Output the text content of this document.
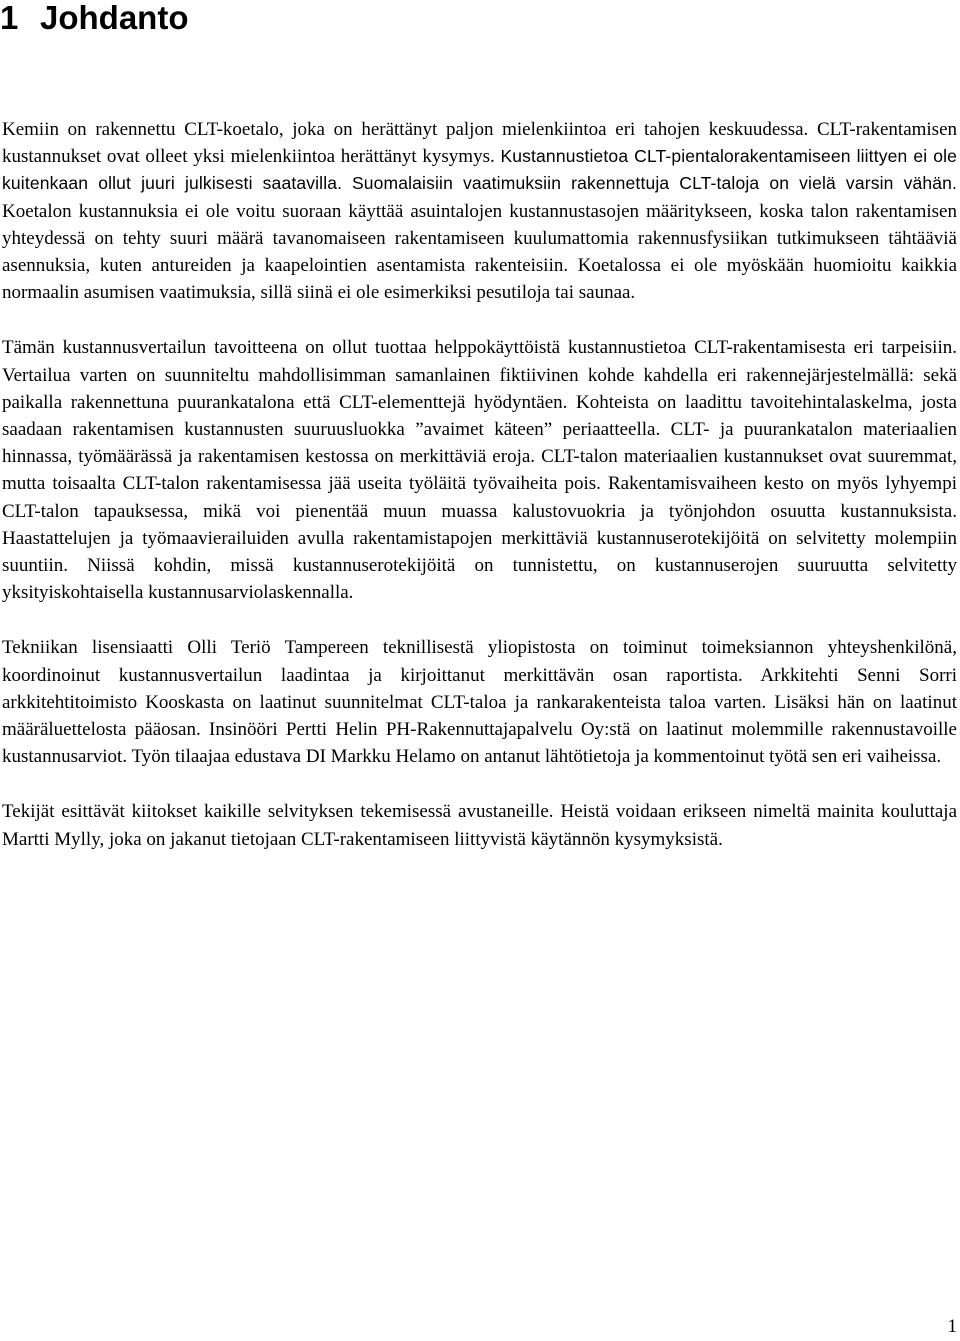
1 Johdanto

Kemiin on rakennettu CLT-koetalo, joka on herättänyt paljon mielenkiintoa eri tahojen keskuudessa. CLT-rakentamisen kustannukset ovat olleet yksi mielenkiintoa herättänyt kysymys. Kustannustietoa CLT-pientalorakentamiseen liittyen ei ole kuitenkaan ollut juuri julkisesti saatavilla. Suomalaisiin vaatimuksiin rakennettuja CLT-taloja on vielä varsin vähän. Koetalon kustannuksia ei ole voitu suoraan käyttää asuintalojen kustannustasojen määritykseen, koska talon rakentamisen yhteydessä on tehty suuri määrä tavanomaiseen rakentamiseen kuulumattomia rakennusfysiikan tutkimukseen tähtääviä asennuksia, kuten antureiden ja kaapelointien asentamista rakenteisiin. Koetalossa ei ole myöskään huomioitu kaikkia normaalin asumisen vaatimuksia, sillä siinä ei ole esimerkiksi pesutiloja tai saunaa.

Tämän kustannusvertailun tavoitteena on ollut tuottaa helppokäyttöistä kustannustietoa CLT-rakentamisesta eri tarpeisiin. Vertailua varten on suunniteltu mahdollisimman samanlainen fiktiivinen kohde kahdella eri rakennejärjestelmällä: sekä paikalla rakennettuna puurankatalona että CLT-elementtejä hyödyntäen. Kohteista on laadittu tavoitehintalaskelma, josta saadaan rakentamisen kustannusten suuruusluokka ”avaimet käteen” periaatteella. CLT- ja puurankatalon materiaalien hinnassa, työmäärässä ja rakentamisen kestossa on merkittäviä eroja. CLT-talon materiaalien kustannukset ovat suuremmat, mutta toisaalta CLT-talon rakentamisessa jää useita työläitä työvaiheita pois. Rakentamisvaiheen kesto on myös lyhyempi CLT-talon tapauksessa, mikä voi pienentää muun muassa kalustovuokria ja työnjohdon osuutta kustannuksista. Haastattelujen ja työmaavierailuiden avulla rakentamistapojen merkittäviä kustannuserotekijöitä on selvitetty molempiin suuntiin. Niissä kohdin, missä kustannuserotekijöitä on tunnistettu, on kustannuserojen suuruutta selvitetty yksityiskohtaisella kustannusarviolaskennalla.

Tekniikan lisensiaatti Olli Teriö Tampereen teknillisestä yliopistosta on toiminut toimeksiannon yhteyshenkilönä, koordinoinut kustannusvertailun laadintaa ja kirjoittanut merkittävän osan raportista. Arkkitehti Senni Sorri arkkitehtitoimisto Kooskasta on laatinut suunnitelmat CLT-taloa ja rankarakenteista taloa varten. Lisäksi hän on laatinut määräluettelosta pääosan. Insinööri Pertti Helin PH-Rakennuttajapalvelu Oy:stä on laatinut molemmille rakennustavoille kustannusarviot. Työn tilaajaa edustava DI Markku Helamo on antanut lähtötietoja ja kommentoinut työtä sen eri vaiheissa.

Tekijät esittävät kiitokset kaikille selvityksen tekemisessä avustaneille. Heistä voidaan erikseen nimeltä mainita kouluttaja Martti Mylly, joka on jakanut tietojaan CLT-rakentamiseen liittyvistä käytännön kysymyksistä.

1
